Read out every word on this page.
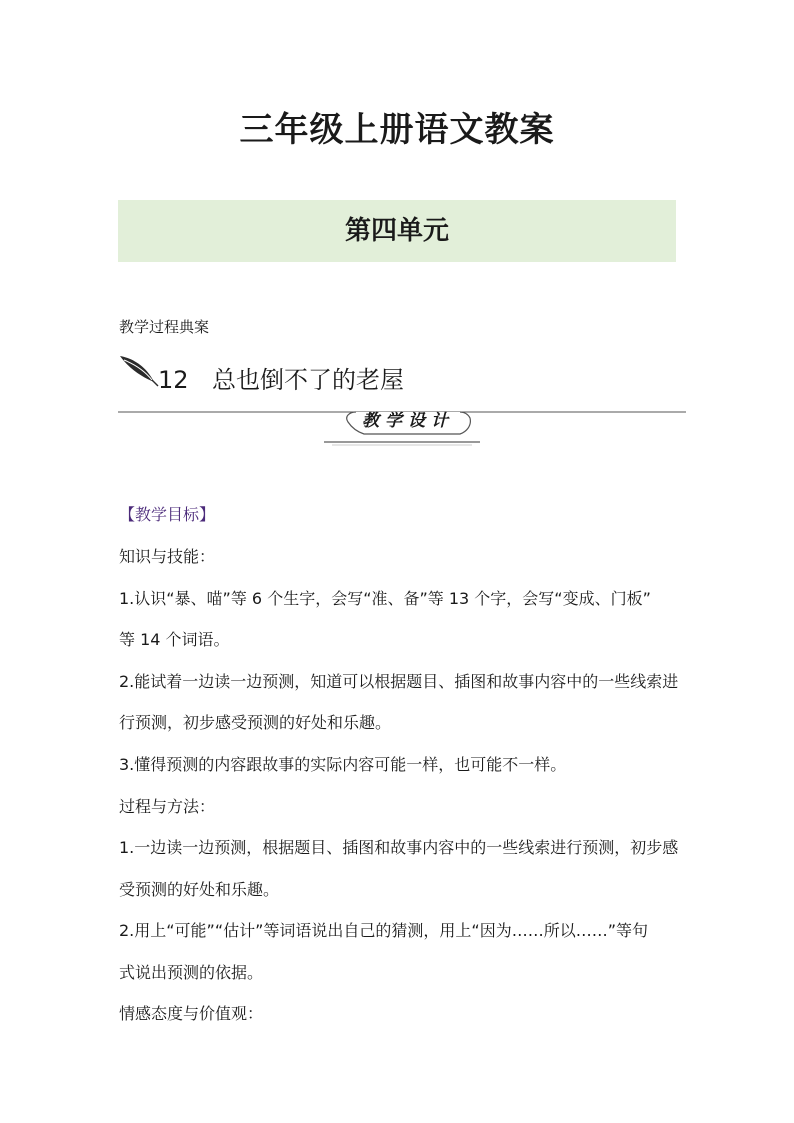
三年级上册语文教案
第四单元
教学过程典案
12 总也倒不了的老屋
教学设计
【教学目标】
知识与技能：
1.认识“暴、喵”等 6 个生字，会写“准、备”等 13 个字，会写“变成、门板”
等 14 个词语。
2.能试着一边读一边预测，知道可以根据题目、插图和故事内容中的一些线索进
行预测，初步感受预测的好处和乐趣。
3.懂得预测的内容跟故事的实际内容可能一样，也可能不一样。
过程与方法：
1.一边读一边预测，根据题目、插图和故事内容中的一些线索进行预测，初步感
受预测的好处和乐趣。
2.用上“可能”“估计”等词语说出自己的猜测，用上“因为……所以……”等句
式说出预测的依据。
情感态度与价值观：
